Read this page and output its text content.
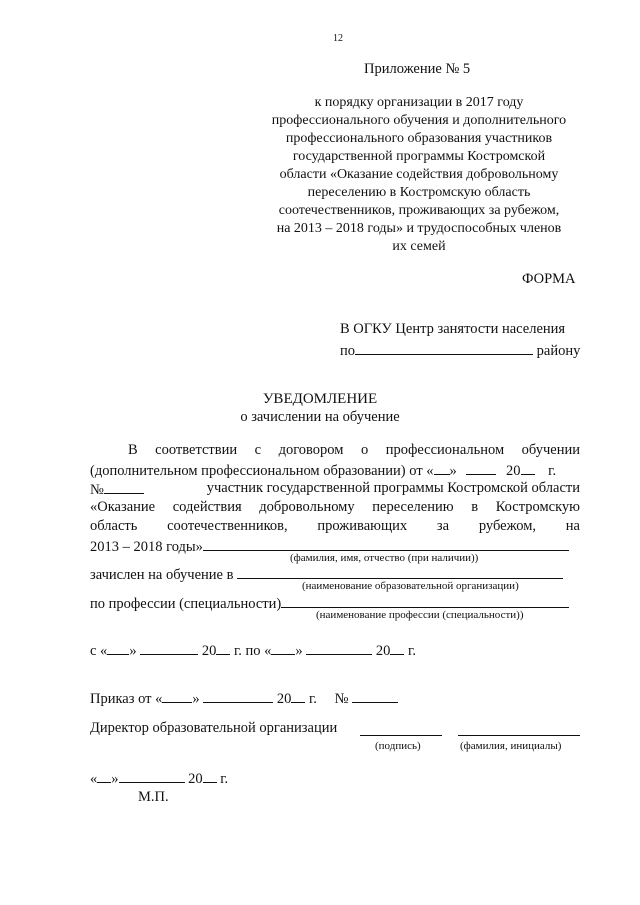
12
Приложение № 5
к порядку организации в 2017 году
профессионального обучения и дополнительного
профессионального образования участников
государственной программы Костромской
области «Оказание содействия добровольному
переселению в Костромскую область
соотечественников, проживающих за рубежом,
на 2013 – 2018 годы» и трудоспособных членов
их семей
ФОРМА
В ОГКУ Центр занятости населения
по	району
УВЕДОМЛЕНИЕ
о зачислении на обучение
В соответствии с договором о профессиональном обучении
(дополнительном профессиональном образовании) от « »	20 г.
№	участник государственной программы Костромской области
«Оказание содействия добровольному переселению в Костромскую
область соотечественников, проживающих за рубежом, на
2013 – 2018 годы»
(фамилия, имя, отчество (при наличии))
зачислен на обучение в
(наименование образовательной организации)
по профессии (специальности)
(наименование профессии (специальности))
с « »	20 г. по « »	20 г.
Приказ от « »	20 г. №
Директор образовательной организации
(подпись)	(фамилия, инициалы)
« »	20 г.
М.П.
